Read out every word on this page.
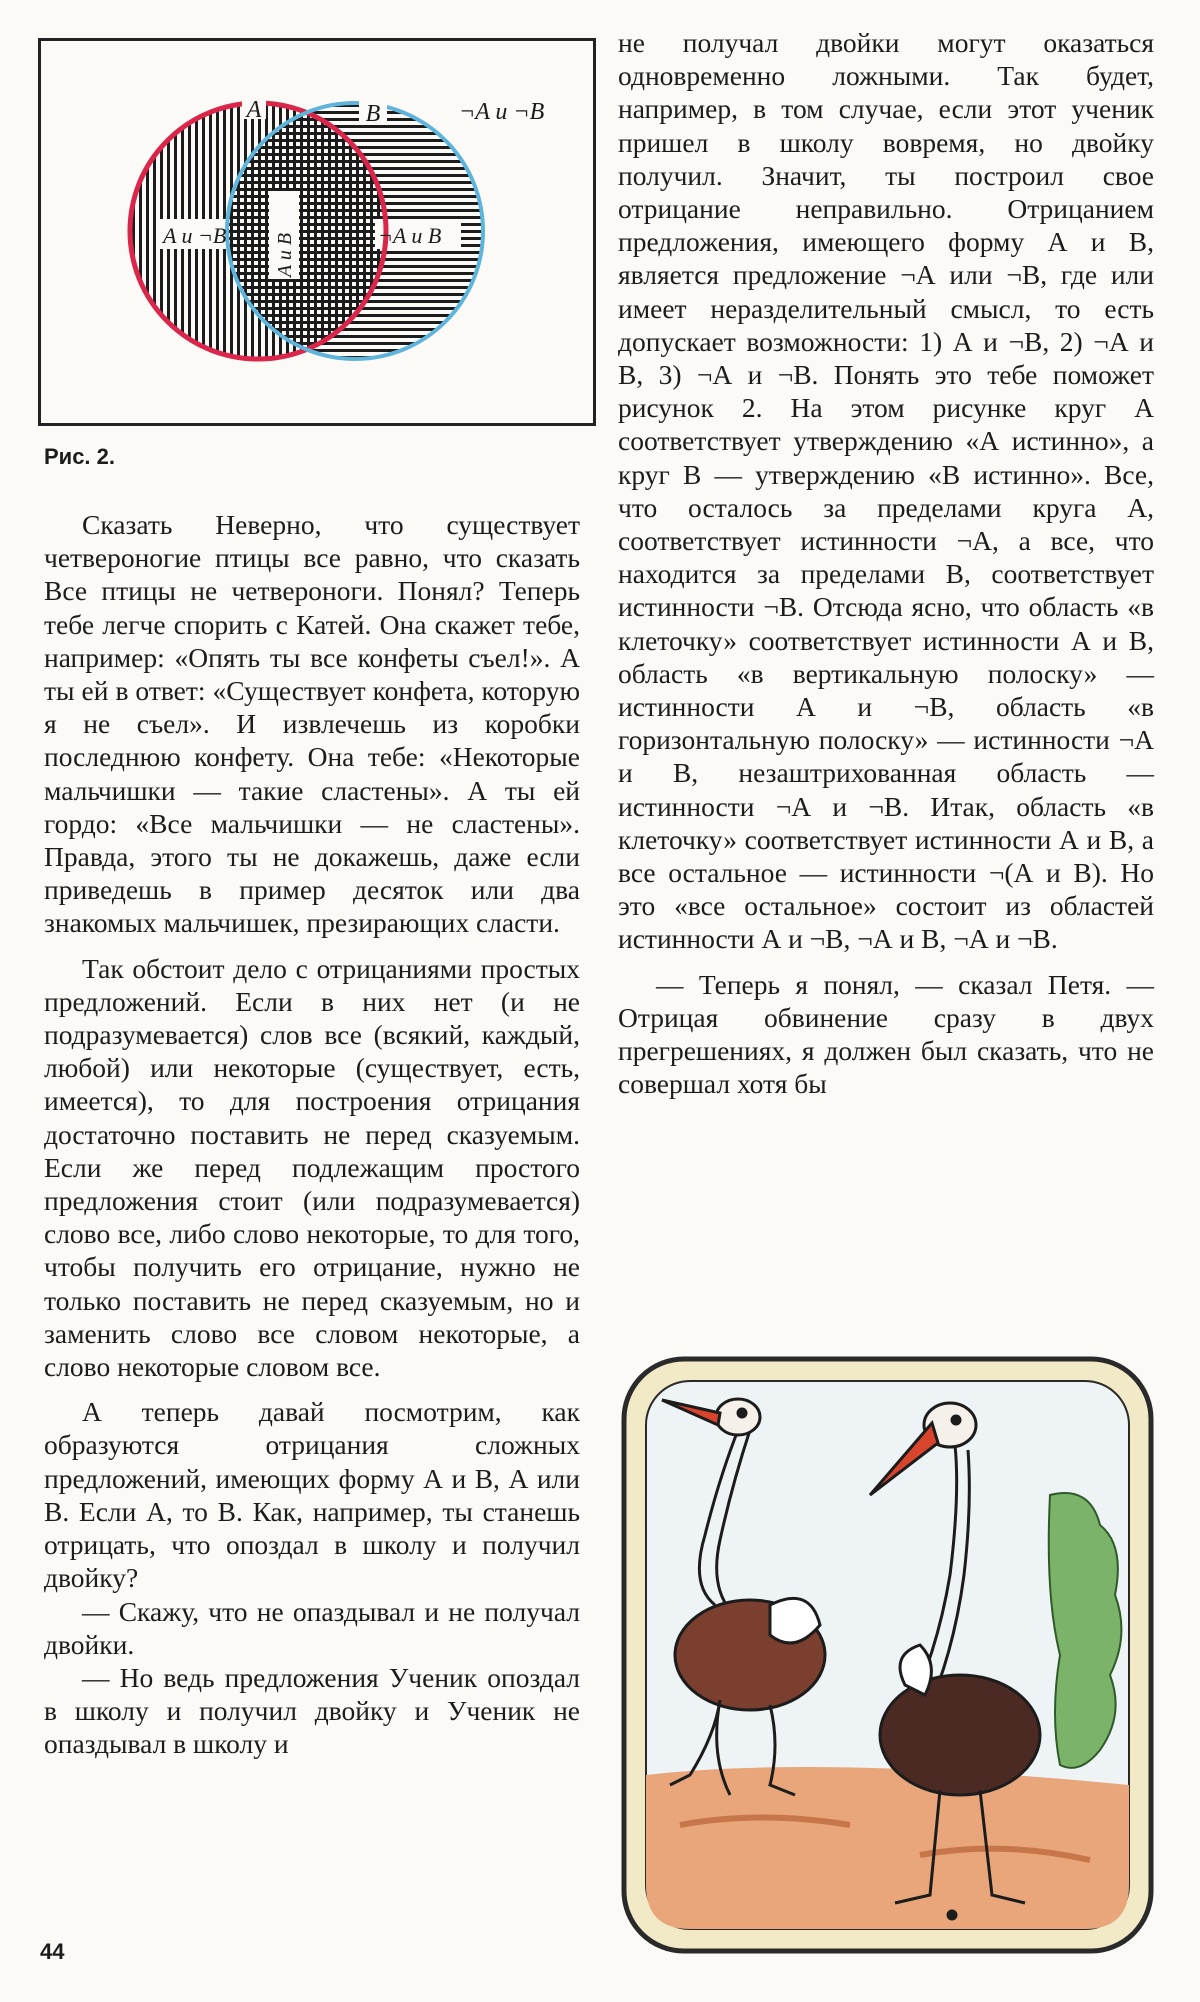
A	B	¬A и ¬B
A и ¬B	¬A и B
A и B
Рис. 2.

Сказать Неверно, что существует четвероногие птицы все равно, что сказать Все птицы не четвероноги. Понял? Теперь тебе легче спорить с Катей. Она скажет тебе, например: «Опять ты все конфеты съел!». А ты ей в ответ: «Существует конфета, которую я не съел». И извлечешь из коробки последнюю конфету. Она тебе: «Некоторые мальчишки — такие сластены». А ты ей гордо: «Все мальчишки — не сластены». Правда, этого ты не докажешь, даже если приведешь в пример десяток или два знакомых мальчишек, презирающих сласти.

Так обстоит дело с отрицаниями простых предложений. Если в них нет (и не подразумевается) слов все (всякий, каждый, любой) или некоторые (существует, есть, имеется), то для построения отрицания достаточно поставить не перед сказуемым. Если же перед подлежащим простого предложения стоит (или подразумевается) слово все, либо слово некоторые, то для того, чтобы получить его отрицание, нужно не только поставить не перед сказуемым, но и заменить слово все словом некоторые, а слово некоторые словом все.

А теперь давай посмотрим, как образуются отрицания сложных предложений, имеющих форму А и В, А или В. Если А, то В. Как, например, ты станешь отрицать, что опоздал в школу и получил двойку?

— Скажу, что не опаздывал и не получал двойки.

— Но ведь предложения Ученик опоздал в школу и получил двойку и Ученик не опаздывал в школу и

не получал двойки могут оказаться одновременно ложными. Так будет, например, в том случае, если этот ученик пришел в школу вовремя, но двойку получил. Значит, ты построил свое отрицание неправильно. Отрицанием предложения, имеющего форму А и В, является предложение ¬А или ¬В, где или имеет неразделительный смысл, то есть допускает возможности: 1) А и ¬В, 2) ¬А и В, 3) ¬А и ¬В. Понять это тебе поможет рисунок 2. На этом рисунке круг А соответствует утверждению «А истинно», а круг В — утверждению «В истинно». Все, что осталось за пределами круга А, соответствует истинности ¬А, а все, что находится за пределами В, соответствует истинности ¬В. Отсюда ясно, что область «в клеточку» соответствует истинности А и В, область «в вертикальную полоску» — истинности А и ¬В, область «в горизонтальную полоску» — истинности ¬А и В, незаштрихованная область — истинности ¬А и ¬В. Итак, область «в клеточку» соответствует истинности А и В, а все остальное — истинности ¬(А и В). Но это «все остальное» состоит из областей истинности А и ¬В, ¬А и В, ¬А и ¬В.

— Теперь я понял, — сказал Петя. — Отрицая обвинение сразу в двух прегрешениях, я должен был сказать, что не совершал хотя бы

44
